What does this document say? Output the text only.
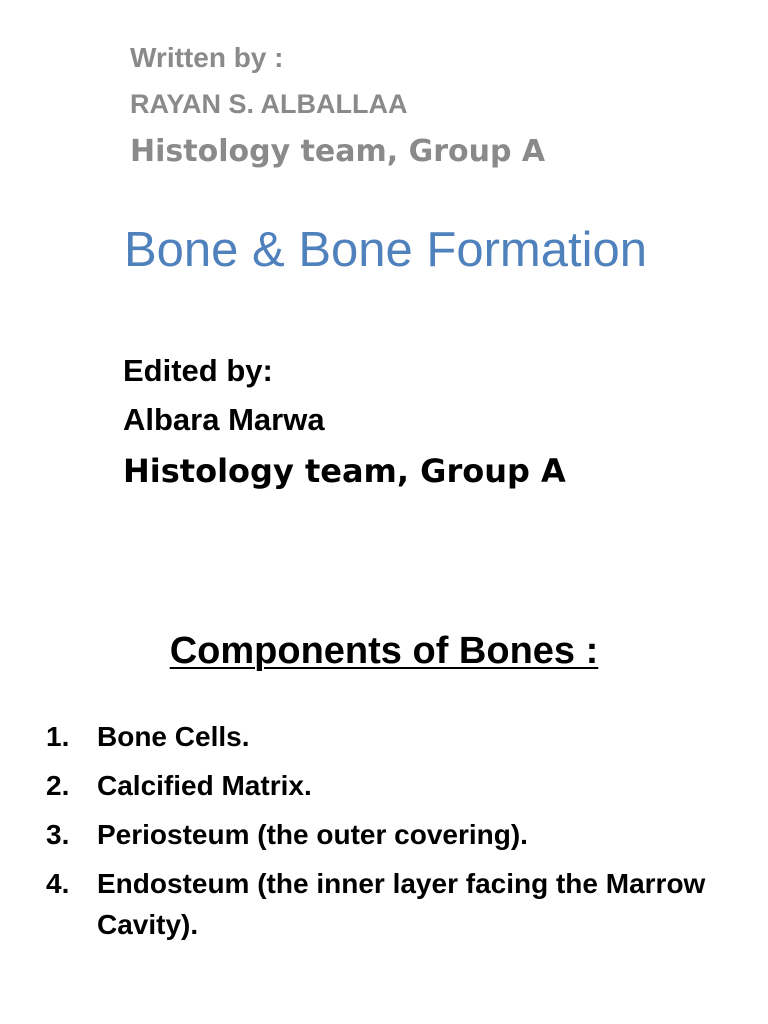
Written by :
RAYAN S. ALBALLAA
Histology team, Group A
Bone & Bone Formation
Edited by:
Albara Marwa
Histology team, Group A
Components of Bones :
1. Bone Cells.
2. Calcified Matrix.
3. Periosteum (the outer covering).
4. Endosteum (the inner layer facing the Marrow Cavity).
